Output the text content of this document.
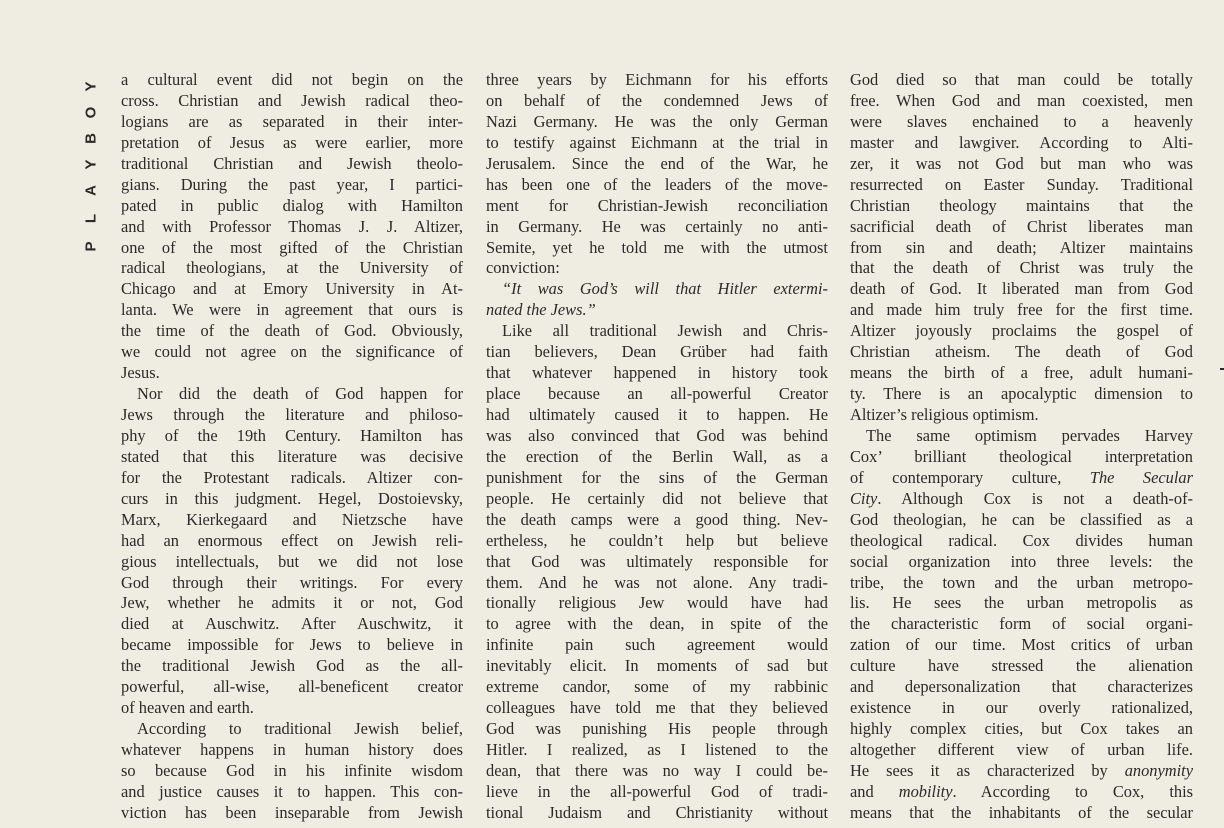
Y
O
B
Y
A
L
P
a cultural event did not begin on the
cross. Christian and Jewish radical theo-
logians are as separated in their inter-
pretation of Jesus as were earlier, more
traditional Christian and Jewish theolo-
gians. During the past year, I partici-
pated in public dialog with Hamilton
and with Professor Thomas J. J. Altizer,
one of the most gifted of the Christian
radical theologians, at the University of
Chicago and at Emory University in At-
lanta. We were in agreement that ours is
the time of the death of God. Obviously,
we could not agree on the significance of
Jesus.
Nor did the death of God happen for
Jews through the literature and philoso-
phy of the 19th Century. Hamilton has
stated that this literature was decisive
for the Protestant radicals. Altizer con-
curs in this judgment. Hegel, Dostoievsky,
Marx, Kierkegaard and Nietzsche have
had an enormous effect on Jewish reli-
gious intellectuals, but we did not lose
God through their writings. For every
Jew, whether he admits it or not, God
died at Auschwitz. After Auschwitz, it
became impossible for Jews to believe in
the traditional Jewish God as the all-
powerful, all-wise, all-beneficent creator
of heaven and earth.
According to traditional Jewish belief,
whatever happens in human history does
so because God in his infinite wisdom
and justice causes it to happen. This con-
viction has been inseparable from Jewish
three years by Eichmann for his efforts
on behalf of the condemned Jews of
Nazi Germany. He was the only German
to testify against Eichmann at the trial in
Jerusalem. Since the end of the War, he
has been one of the leaders of the move-
ment for Christian-Jewish reconciliation
in Germany. He was certainly no anti-
Semite, yet he told me with the utmost
conviction:
“It was God’s will that Hitler extermi-
nated the Jews.”
Like all traditional Jewish and Chris-
tian believers, Dean Grüber had faith
that whatever happened in history took
place because an all-powerful Creator
had ultimately caused it to happen. He
was also convinced that God was behind
the erection of the Berlin Wall, as a
punishment for the sins of the German
people. He certainly did not believe that
the death camps were a good thing. Nev-
ertheless, he couldn’t help but believe
that God was ultimately responsible for
them. And he was not alone. Any tradi-
tionally religious Jew would have had
to agree with the dean, in spite of the
infinite pain such agreement would
inevitably elicit. In moments of sad but
extreme candor, some of my rabbinic
colleagues have told me that they believed
God was punishing His people through
Hitler. I realized, as I listened to the
dean, that there was no way I could be-
lieve in the all-powerful God of tradi-
tional Judaism and Christianity without
God died so that man could be totally
free. When God and man coexisted, men
were slaves enchained to a heavenly
master and lawgiver. According to Alti-
zer, it was not God but man who was
resurrected on Easter Sunday. Traditional
Christian theology maintains that the
sacrificial death of Christ liberates man
from sin and death; Altizer maintains
that the death of Christ was truly the
death of God. It liberated man from God
and made him truly free for the first time.
Altizer joyously proclaims the gospel of
Christian atheism. The death of God
means the birth of a free, adult humani-
ty. There is an apocalyptic dimension to
Altizer’s religious optimism.
The same optimism pervades Harvey
Cox’ brilliant theological interpretation
of contemporary culture, The Secular
City. Although Cox is not a death-of-
God theologian, he can be classified as a
theological radical. Cox divides human
social organization into three levels: the
tribe, the town and the urban metropo-
lis. He sees the urban metropolis as
the characteristic form of social organi-
zation of our time. Most critics of urban
culture have stressed the alienation
and depersonalization that characterizes
existence in our overly rationalized,
highly complex cities, but Cox takes an
altogether different view of urban life.
He sees it as characterized by anonymity
and mobility. According to Cox, this
means that the inhabitants of the secular
